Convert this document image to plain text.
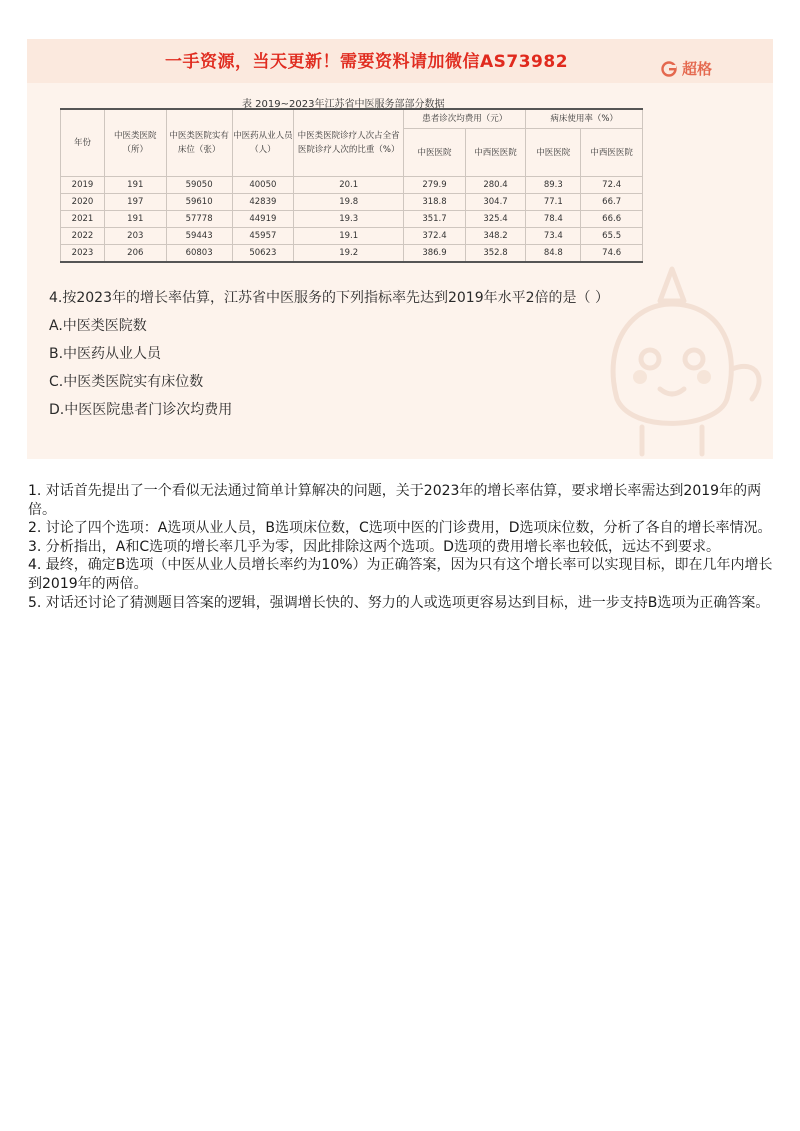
一手资源，当天更新！需要资料请加微信AS73982	超格
表 2019~2023年江苏省中医服务部部分数据
年份	中医类医院（所）	中医类医院实有床位（张）	中医药从业人员（人）	中医类医院诊疗人次占全省医院诊疗人次的比重（%）	患者诊次均费用（元）		病床使用率（%）	
					中医医院	中西医医院	中医医院	中西医医院
2019	191	59050	40050	20.1	279.9	280.4	89.3	72.4
2020	197	59610	42839	19.8	318.8	304.7	77.1	66.7
2021	191	57778	44919	19.3	351.7	325.4	78.4	66.6
2022	203	59443	45957	19.1	372.4	348.2	73.4	65.5
2023	206	60803	50623	19.2	386.9	352.8	84.8	74.6
4.按2023年的增长率估算，江苏省中医服务的下列指标率先达到2019年水平2倍的是（ ）
A.中医类医院数
B.中医药从业人员
C.中医类医院实有床位数
D.中医医院患者门诊次均费用

1. 对话首先提出了一个看似无法通过简单计算解决的问题，关于2023年的增长率估算，要求增长率需达到2019年的两倍。

2. 讨论了四个选项：A选项从业人员，B选项床位数，C选项中医的门诊费用，D选项床位数，分析了各自的增长率情况。

3. 分析指出，A和C选项的增长率几乎为零，因此排除这两个选项。D选项的费用增长率也较低，远达不到要求。

4. 最终，确定B选项（中医从业人员增长率约为10%）为正确答案，因为只有这个增长率可以实现目标，即在几年内增长到2019年的两倍。

5. 对话还讨论了猜测题目答案的逻辑，强调增长快的、努力的人或选项更容易达到目标，进一步支持B选项为正确答案。
